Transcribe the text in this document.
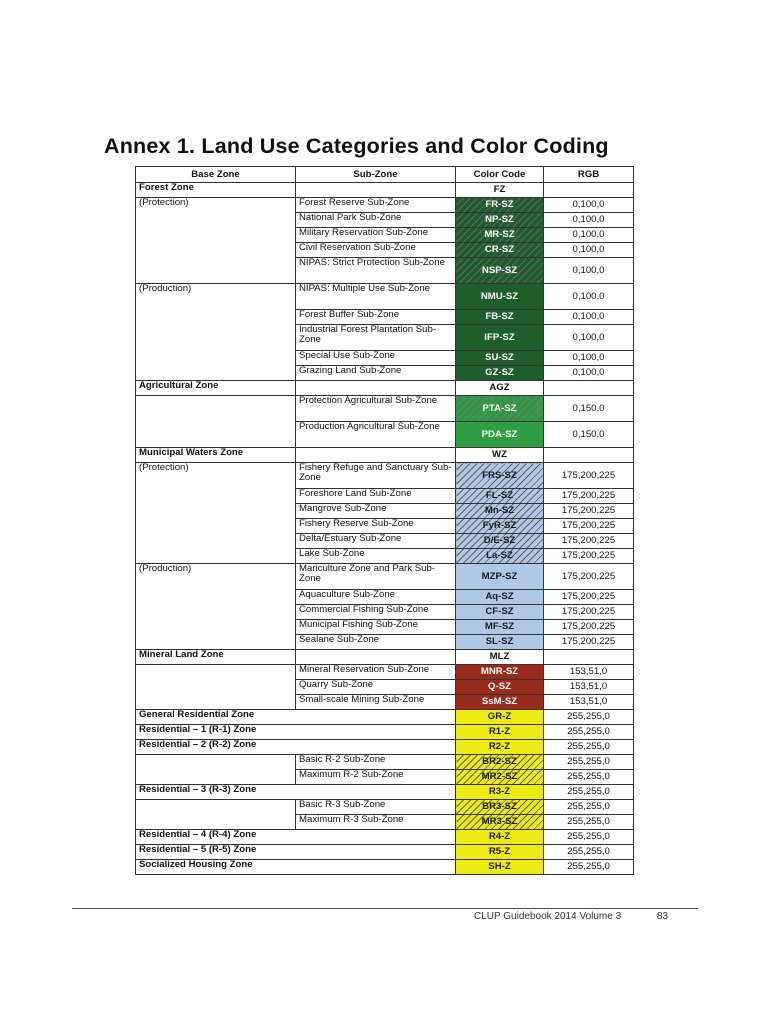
Annex 1. Land Use Categories and Color Coding
Base Zone	Sub-Zone	Color Code	RGB
Forest Zone		FZ	
(Protection)	Forest Reserve Sub-Zone	FR-SZ	0,100,0
	National Park Sub-Zone	NP-SZ	0,100,0
	Military Reservation Sub-Zone	MR-SZ	0,100,0
	Civil Reservation Sub-Zone	CR-SZ	0,100,0
	NIPAS: Strict Protection Sub-Zone	NSP-SZ	0,100,0
(Production)	NIPAS: Multiple Use Sub-Zone	NMU-SZ	0,100,0
	Forest Buffer Sub-Zone	FB-SZ	0,100,0
	Industrial Forest Plantation Sub-Zone	IFP-SZ	0,100,0
	Special Use Sub-Zone	SU-SZ	0,100,0
	Grazing Land Sub-Zone	GZ-SZ	0,100,0
Agricultural Zone		AGZ	
	Protection Agricultural Sub-Zone	PTA-SZ	0,150,0
	Production Agricultural Sub-Zone	PDA-SZ	0,150,0
Municipal Waters Zone		WZ	
(Protection)	Fishery Refuge and Sanctuary Sub-Zone	FRS-SZ	175,200,225
	Foreshore Land Sub-Zone	FL-SZ	175,200,225
	Mangrove Sub-Zone	Mn-SZ	175,200,225
	Fishery Reserve Sub-Zone	FyR-SZ	175,200,225
	Delta/Estuary Sub-Zone	D/E-SZ	175,200,225
	Lake Sub-Zone	La-SZ	175,200,225
(Production)	Mariculture Zone and Park Sub-Zone	MZP-SZ	175,200,225
	Aquaculture Sub-Zone	Aq-SZ	175,200,225
	Commercial Fishing Sub-Zone	CF-SZ	175,200,225
	Municipal Fishing Sub-Zone	MF-SZ	175,200,225
	Sealane Sub-Zone	SL-SZ	175,200,225
Mineral Land Zone		MLZ	
	Mineral Reservation Sub-Zone	MNR-SZ	153,51,0
	Quarry Sub-Zone	Q-SZ	153,51,0
	Small-scale Mining Sub-Zone	SsM-SZ	153,51,0
General Residential Zone		GR-Z	255,255,0
Residential – 1 (R-1) Zone		R1-Z	255,255,0
Residential – 2 (R-2) Zone		R2-Z	255,255,0
	Basic R-2 Sub-Zone	BR2-SZ	255,255,0
	Maximum R-2 Sub-Zone	MR2-SZ	255,255,0
Residential – 3 (R-3) Zone		R3-Z	255,255,0
	Basic R-3 Sub-Zone	BR3-SZ	255,255,0
	Maximum R-3 Sub-Zone	MR3-SZ	255,255,0
Residential – 4 (R-4) Zone		R4-Z	255,255,0
Residential – 5 (R-5) Zone		R5-Z	255,255,0
Socialized Housing Zone		SH-Z	255,255,0
CLUP Guidebook 2014 Volume 3	83
